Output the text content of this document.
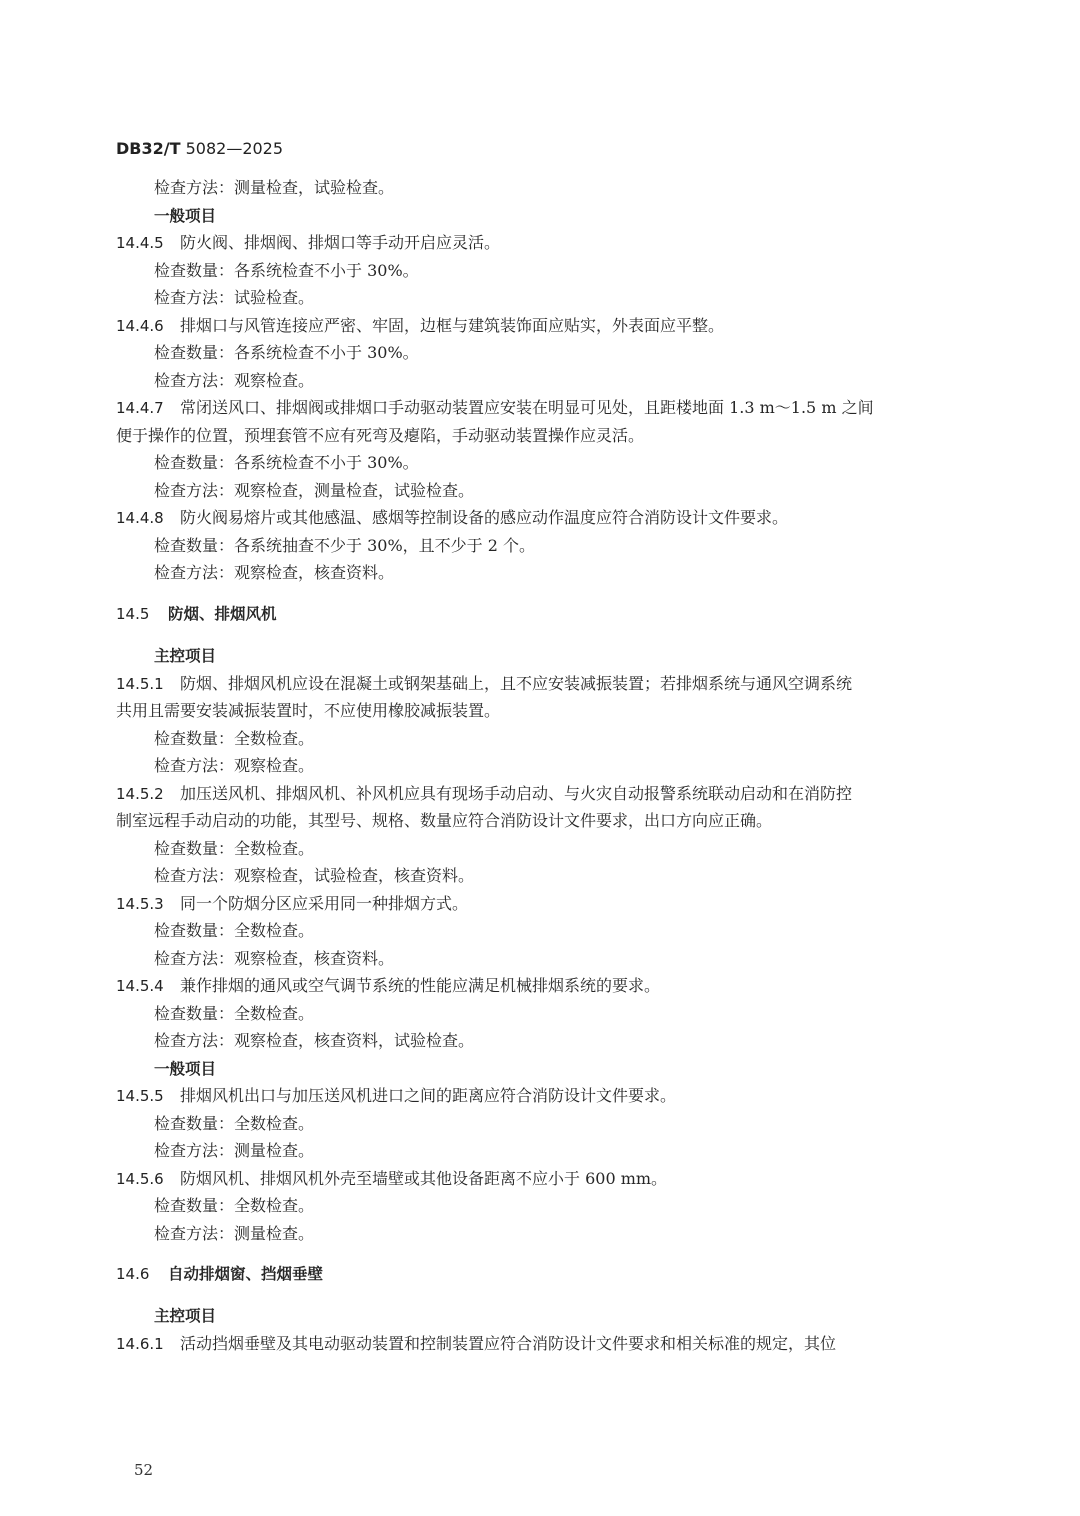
DB32/T 5082—2025
检查方法：测量检查，试验检查。
一般项目
14.4.5 防火阀、排烟阀、排烟口等手动开启应灵活。
检查数量：各系统检查不小于 30%。
检查方法：试验检查。
14.4.6 排烟口与风管连接应严密、牢固，边框与建筑装饰面应贴实，外表面应平整。
检查数量：各系统检查不小于 30%。
检查方法：观察检查。
14.4.7 常闭送风口、排烟阀或排烟口手动驱动装置应安装在明显可见处，且距楼地面 1.3 m～1.5 m 之间
便于操作的位置，预埋套管不应有死弯及瘪陷，手动驱动装置操作应灵活。
检查数量：各系统检查不小于 30%。
检查方法：观察检查，测量检查，试验检查。
14.4.8 防火阀易熔片或其他感温、感烟等控制设备的感应动作温度应符合消防设计文件要求。
检查数量：各系统抽查不少于 30%，且不少于 2 个。
检查方法：观察检查，核查资料。
14.5 防烟、排烟风机
主控项目
14.5.1 防烟、排烟风机应设在混凝土或钢架基础上，且不应安装减振装置；若排烟系统与通风空调系统
共用且需要安装减振装置时，不应使用橡胶减振装置。
检查数量：全数检查。
检查方法：观察检查。
14.5.2 加压送风机、排烟风机、补风机应具有现场手动启动、与火灾自动报警系统联动启动和在消防控
制室远程手动启动的功能，其型号、规格、数量应符合消防设计文件要求，出口方向应正确。
检查数量：全数检查。
检查方法：观察检查，试验检查，核查资料。
14.5.3 同一个防烟分区应采用同一种排烟方式。
检查数量：全数检查。
检查方法：观察检查，核查资料。
14.5.4 兼作排烟的通风或空气调节系统的性能应满足机械排烟系统的要求。
检查数量：全数检查。
检查方法：观察检查，核查资料，试验检查。
一般项目
14.5.5 排烟风机出口与加压送风机进口之间的距离应符合消防设计文件要求。
检查数量：全数检查。
检查方法：测量检查。
14.5.6 防烟风机、排烟风机外壳至墙壁或其他设备距离不应小于 600 mm。
检查数量：全数检查。
检查方法：测量检查。
14.6 自动排烟窗、挡烟垂壁
主控项目
14.6.1 活动挡烟垂壁及其电动驱动装置和控制装置应符合消防设计文件要求和相关标准的规定，其位
52
